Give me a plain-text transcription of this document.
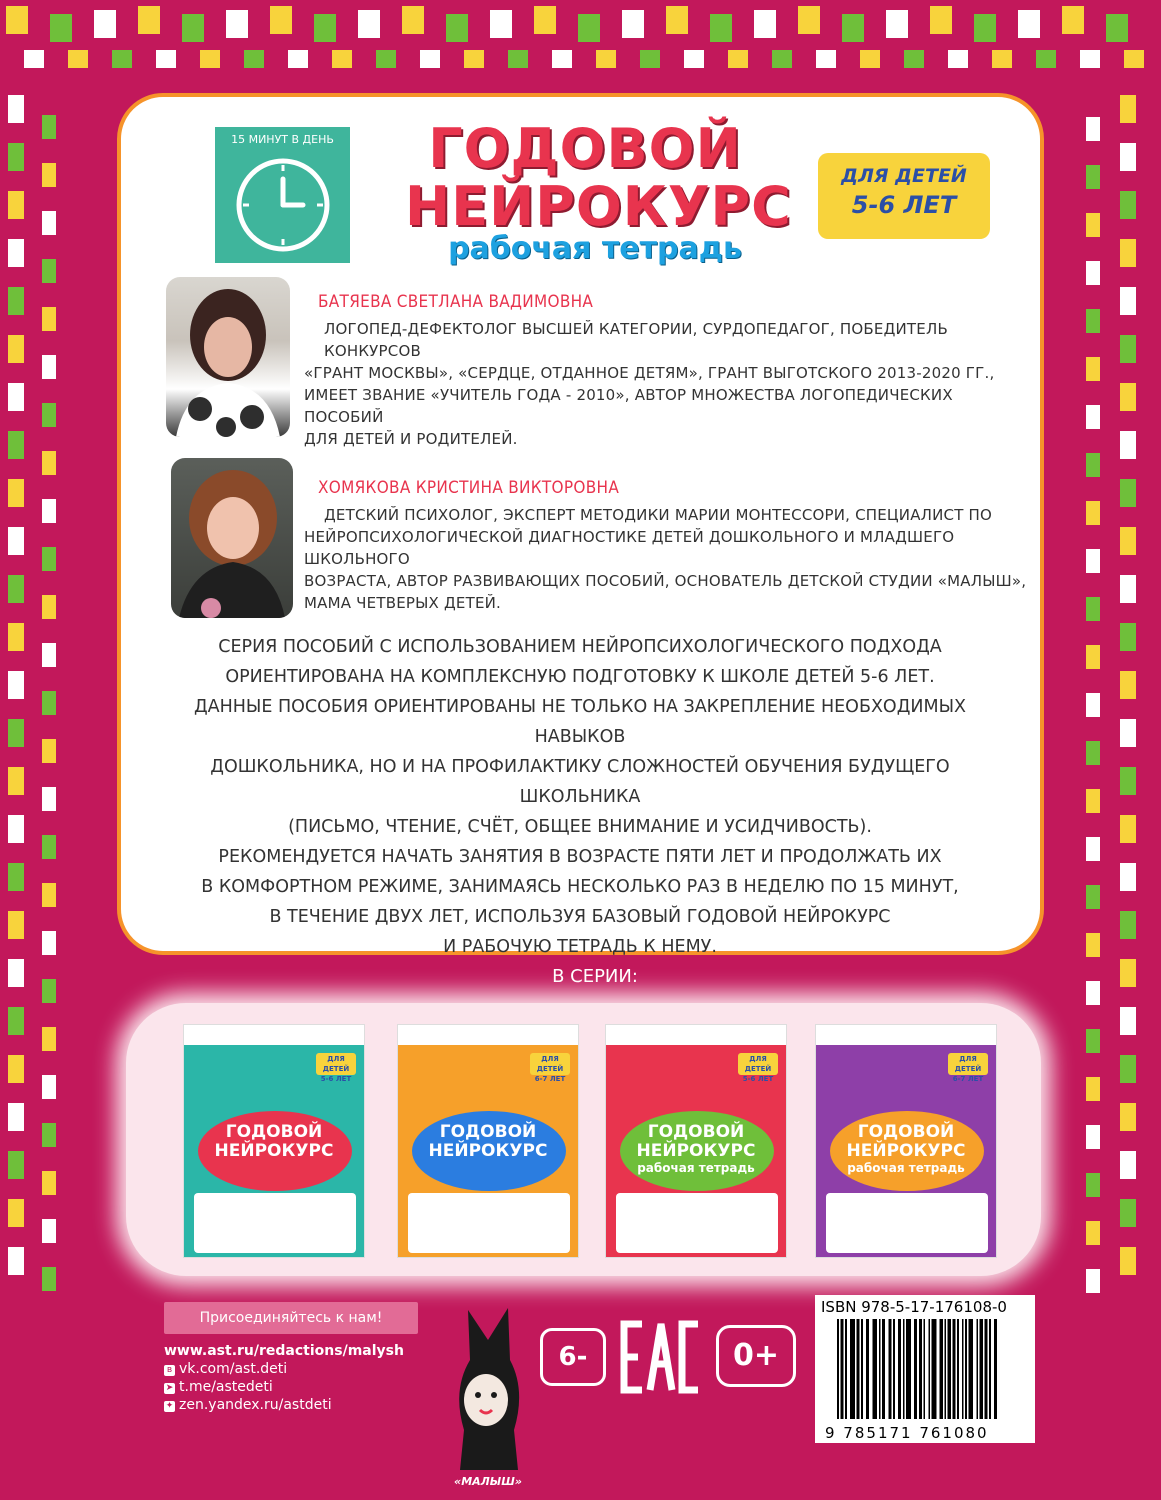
15 МИНУТ В ДЕНЬ	ГОДОВОЙ
НЕЙРОКУРС
рабочая тетрадь
ДЛЯ ДЕТЕЙ
5-6 ЛЕТ
БАТЯЕВА СВЕТЛАНА ВАДИМОВНА
ЛОГОПЕД-ДЕФЕКТОЛОГ ВЫСШЕЙ КАТЕГОРИИ, СУРДОПЕДАГОГ, ПОБЕДИТЕЛЬ КОНКУРСОВ
«ГРАНТ МОСКВЫ», «СЕРДЦЕ, ОТДАННОЕ ДЕТЯМ», ГРАНТ ВЫГОТСКОГО 2013-2020 ГГ.,
ИМЕЕТ ЗВАНИЕ «УЧИТЕЛЬ ГОДА - 2010», АВТОР МНОЖЕСТВА ЛОГОПЕДИЧЕСКИХ ПОСОБИЙ
ДЛЯ ДЕТЕЙ И РОДИТЕЛЕЙ.
ХОМЯКОВА КРИСТИНА ВИКТОРОВНА
ДЕТСКИЙ ПСИХОЛОГ, ЭКСПЕРТ МЕТОДИКИ МАРИИ МОНТЕССОРИ, СПЕЦИАЛИСТ ПО
НЕЙРОПСИХОЛОГИЧЕСКОЙ ДИАГНОСТИКЕ ДЕТЕЙ ДОШКОЛЬНОГО И МЛАДШЕГО ШКОЛЬНОГО
ВОЗРАСТА, АВТОР РАЗВИВАЮЩИХ ПОСОБИЙ, ОСНОВАТЕЛЬ ДЕТСКОЙ СТУДИИ «МАЛЫШ»,
МАМА ЧЕТВЕРЫХ ДЕТЕЙ.
СЕРИЯ ПОСОБИЙ С ИСПОЛЬЗОВАНИЕМ НЕЙРОПСИХОЛОГИЧЕСКОГО ПОДХОДА
ОРИЕНТИРОВАНА НА КОМПЛЕКСНУЮ ПОДГОТОВКУ К ШКОЛЕ ДЕТЕЙ 5-6 ЛЕТ.
ДАННЫЕ ПОСОБИЯ ОРИЕНТИРОВАНЫ НЕ ТОЛЬКО НА ЗАКРЕПЛЕНИЕ НЕОБХОДИМЫХ НАВЫКОВ
ДОШКОЛЬНИКА, НО И НА ПРОФИЛАКТИКУ СЛОЖНОСТЕЙ ОБУЧЕНИЯ БУДУЩЕГО ШКОЛЬНИКА
(ПИСЬМО, ЧТЕНИЕ, СЧЁТ, ОБЩЕЕ ВНИМАНИЕ И УСИДЧИВОСТЬ).
РЕКОМЕНДУЕТСЯ НАЧАТЬ ЗАНЯТИЯ В ВОЗРАСТЕ ПЯТИ ЛЕТ И ПРОДОЛЖАТЬ ИХ
В КОМФОРТНОМ РЕЖИМЕ, ЗАНИМАЯСЬ НЕСКОЛЬКО РАЗ В НЕДЕЛЮ ПО 15 МИНУТ,
В ТЕЧЕНИЕ ДВУХ ЛЕТ, ИСПОЛЬЗУЯ БАЗОВЫЙ ГОДОВОЙ НЕЙРОКУРС
И РАБОЧУЮ ТЕТРАДЬ К НЕМУ.
В СЕРИИ:
ДЛЯ ДЕТЕЙ
5-6 ЛЕТ
ГОДОВОЙ
НЕЙРОКУРС
ДЛЯ ДЕТЕЙ
6-7 ЛЕТ
ГОДОВОЙ
НЕЙРОКУРС
ДЛЯ ДЕТЕЙ
5-6 ЛЕТ
ГОДОВОЙ
НЕЙРОКУРС
рабочая тетрадь
ДЛЯ ДЕТЕЙ
6-7 ЛЕТ
ГОДОВОЙ
НЕЙРОКУРС
рабочая тетрадь
Присоединяйтесь к нам!
www.ast.ru/redactions/malysh
в vk.com/ast.deti
➤ t.me/astedeti
✦ zen.yandex.ru/astdeti
«МАЛЫШ»
6-	0+
ISBN 978-5-17-176108-0
9 785171 761080
